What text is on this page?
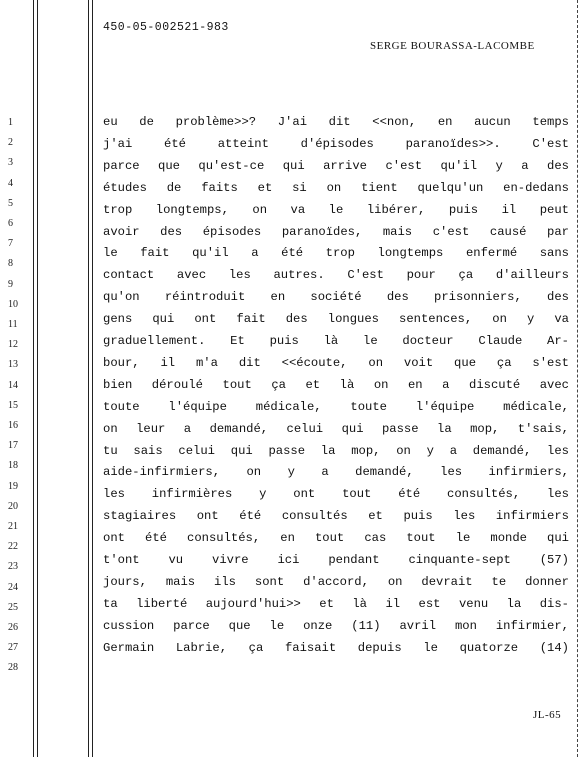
450-05-002521-983
SERGE BOURASSA-LACOMBE
1
2
3
4
5
6
7
8
9
10
11
12
13
14
15
16
17
18
19
20
21
22
23
24
25
26
27
28
eu de problème>>? J'ai dit <<non, en aucun temps
j'ai été atteint d'épisodes paranoïdes>>. C'est
parce que qu'est-ce qui arrive c'est qu'il y a des
études de faits et si on tient quelqu'un en-dedans
trop longtemps, on va le libérer, puis il peut
avoir des épisodes paranoïdes, mais c'est causé par
le fait qu'il a été trop longtemps enfermé sans
contact avec les autres. C'est pour ça d'ailleurs
qu'on réintroduit en société des prisonniers, des
gens qui ont fait des longues sentences, on y va
graduellement. Et puis là le docteur Claude Ar-
bour, il m'a dit <<écoute, on voit que ça s'est
bien déroulé tout ça et là on en a discuté avec
toute l'équipe médicale, toute l'équipe médicale,
on leur a demandé, celui qui passe la mop, t'sais,
tu sais celui qui passe la mop, on y a demandé, les
aide-infirmiers, on y a demandé, les infirmiers,
les infirmières y ont tout été consultés, les
stagiaires ont été consultés et puis les infirmiers
ont été consultés, en tout cas tout le monde qui
t'ont vu vivre ici pendant cinquante-sept (57)
jours, mais ils sont d'accord, on devrait te donner
ta liberté aujourd'hui>> et là il est venu la dis-
cussion parce que le onze (11) avril mon infirmier,
Germain Labrie, ça faisait depuis le quatorze (14)
JL-65
